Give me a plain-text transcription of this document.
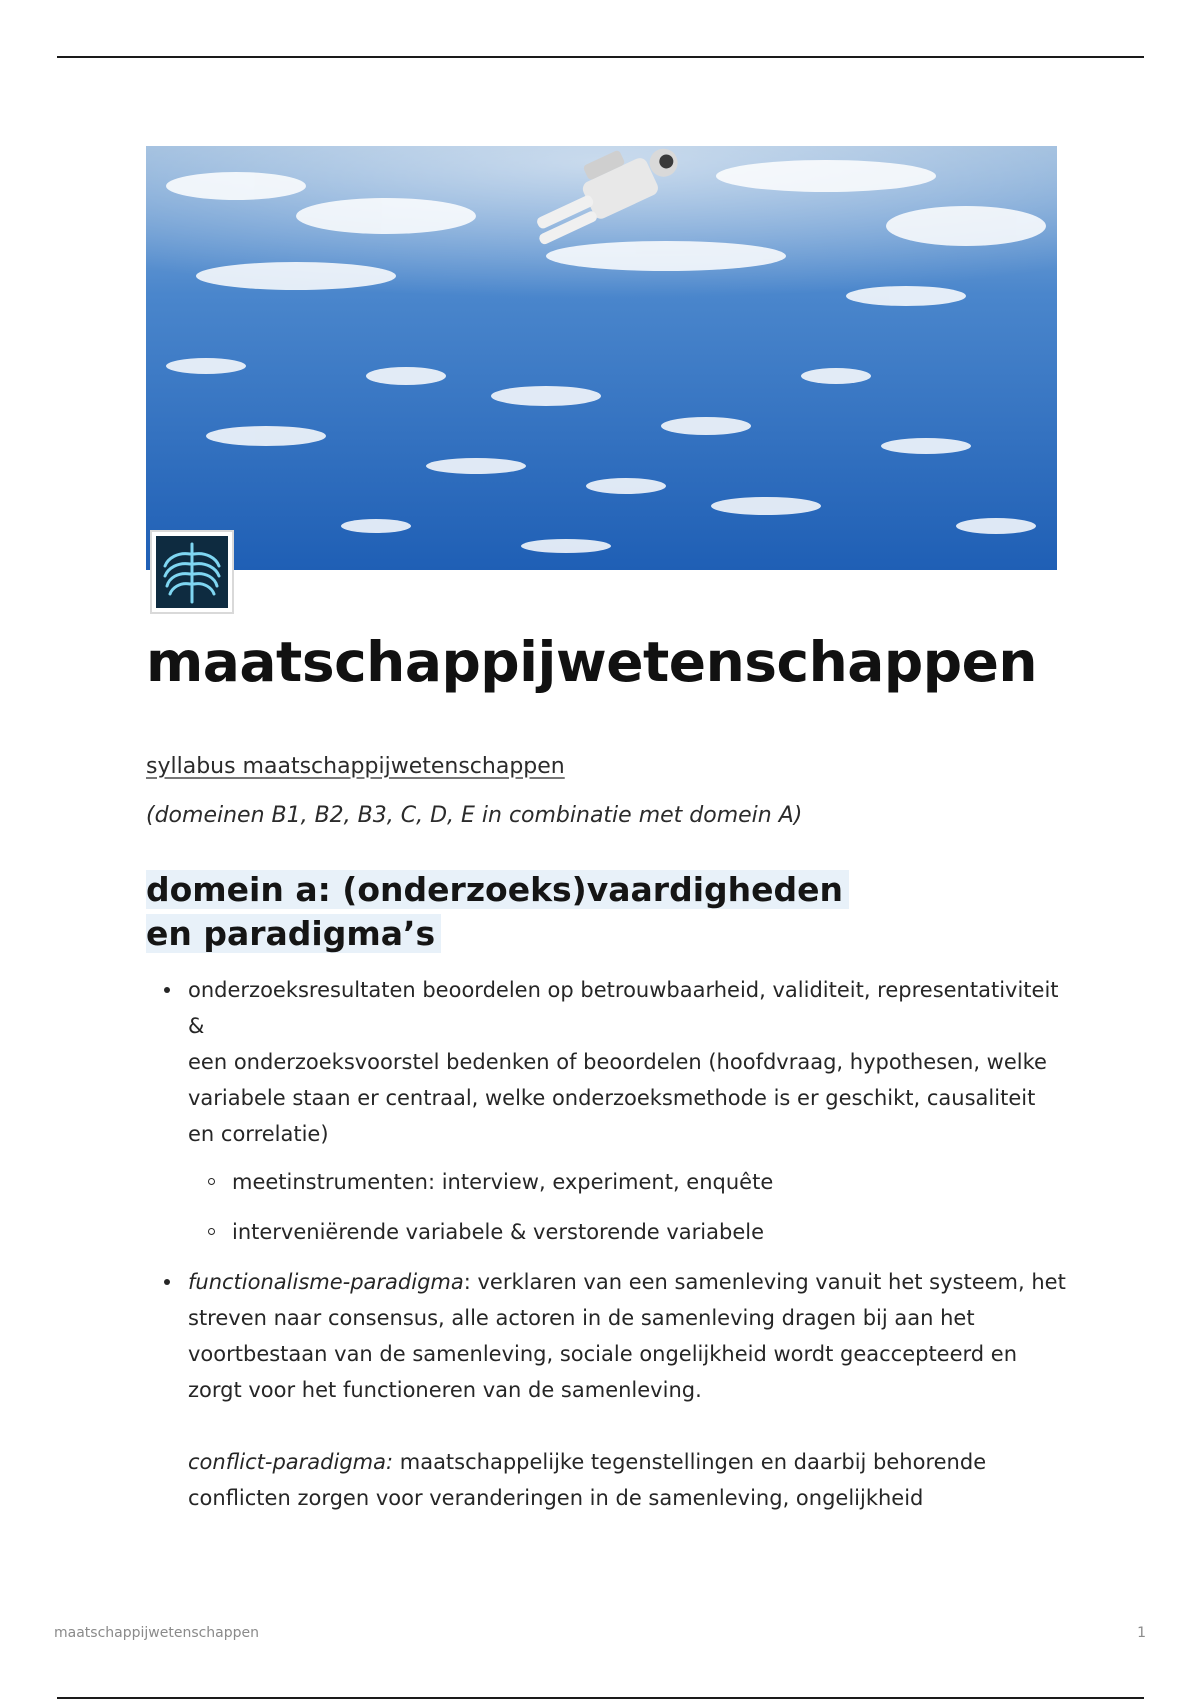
maatschappijwetenschappen
syllabus maatschappijwetenschappen
(domeinen B1, B2, B3, C, D, E in combinatie met domein A)
domein a: (onderzoeks)vaardigheden en paradigma’s
onderzoeksresultaten beoordelen op betrouwbaarheid, validiteit, representativiteit &
een onderzoeksvoorstel bedenken of beoordelen (hoofdvraag, hypothesen, welke variabele staan er centraal, welke onderzoeksmethode is er geschikt, causaliteit en correlatie)
meetinstrumenten: interview, experiment, enquête
interveniërende variabele & verstorende variabele
functionalisme-paradigma: verklaren van een samenleving vanuit het systeem, het streven naar consensus, alle actoren in de samenleving dragen bij aan het voortbestaan van de samenleving, sociale ongelijkheid wordt geaccepteerd en zorgt voor het functioneren van de samenleving.
conflict-paradigma: maatschappelijke tegenstellingen en daarbij behorende conflicten zorgen voor veranderingen in de samenleving, ongelijkheid
maatschappijwetenschappen	1
